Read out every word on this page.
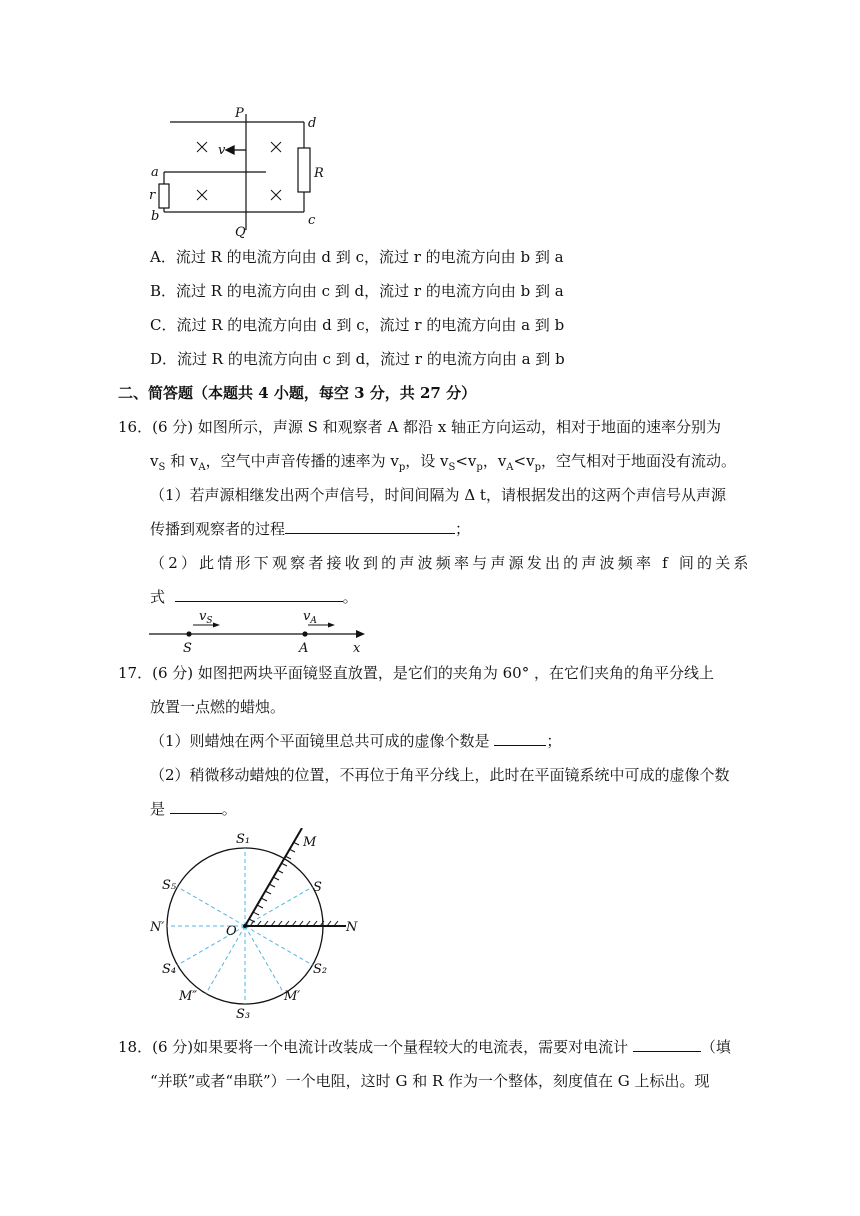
P
d
v
R
a
r
b	c
Q
A．流过 R 的电流方向由 d 到 c，流过 r 的电流方向由 b 到 a
B．流过 R 的电流方向由 c 到 d，流过 r 的电流方向由 b 到 a
C．流过 R 的电流方向由 d 到 c，流过 r 的电流方向由 a 到 b
D．流过 R 的电流方向由 c 到 d，流过 r 的电流方向由 a 到 b
二、简答题（本题共 4 小题，每空 3 分，共 27 分）
16．(6 分) 如图所示，声源 S 和观察者 A 都沿 x 轴正方向运动，相对于地面的速率分别为
$v_S$ 和 $v_A$，空气中声音传播的速率为 $v_p$，设 $v_S<v_p$，$v_A<v_p$，空气相对于地面没有流动。
（1）若声源相继发出两个声信号，时间间隔为 Δ t，请根据发出的这两个声信号从声源
传播到观察者的过程	；
（2）此情形下观察者接收到的声波频率与声源发出的声波频率 f 间的关系
式	。
$v_S$	$v_A$
S	A	x
17．(6 分) 如图把两块平面镜竖直放置，是它们的夹角为 60° ，在它们夹角的角平分线上
放置一点燃的蜡烛。
（1）则蜡烛在两个平面镜里总共可成的虚像个数是	；
（2）稍微移动蜡烛的位置，不再位于角平分线上，此时在平面镜系统中可成的虚像个数
是	。
S₁	M
S₅	S
N′	O	N
S₄	S₂
M″	M′
S₃
18．(6 分)如果要将一个电流计改装成一个量程较大的电流表，需要对电流计	（填
“并联”或者“串联”）一个电阻，这时 G 和 R 作为一个整体，刻度值在 G 上标出。现
